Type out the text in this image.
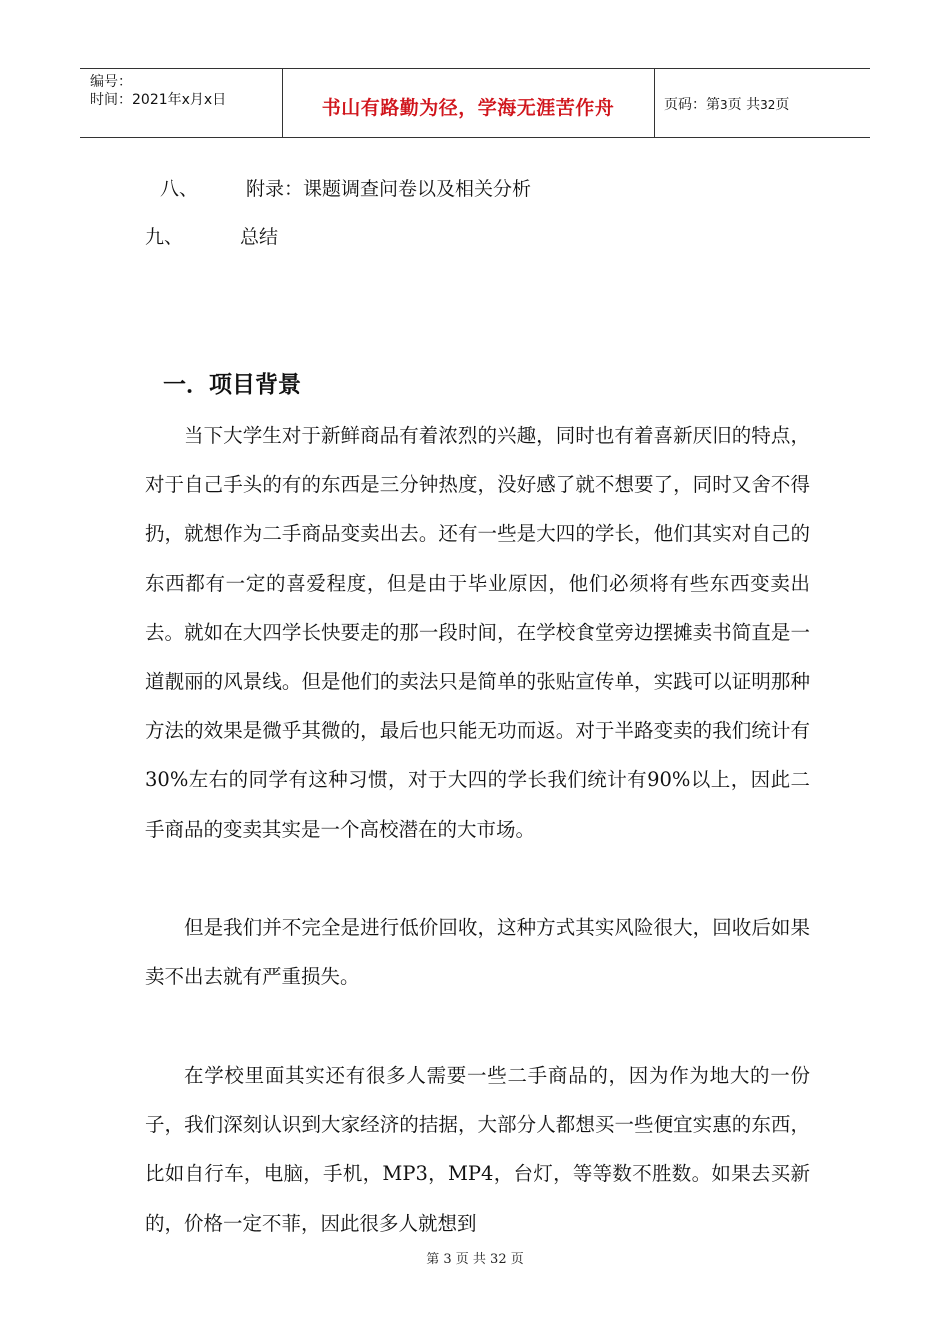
编号：
时间：2021年x月x日	书山有路勤为径，学海无涯苦作舟	页码：第3页 共32页
八、	附录：课题调查问卷以及相关分析
九、	总结
一．项目背景

当下大学生对于新鲜商品有着浓烈的兴趣，同时也有着喜新厌旧的特点，对于自己手头的有的东西是三分钟热度，没好感了就不想要了，同时又舍不得扔，就想作为二手商品变卖出去。还有一些是大四的学长，他们其实对自己的东西都有一定的喜爱程度，但是由于毕业原因，他们必须将有些东西变卖出去。就如在大四学长快要走的那一段时间，在学校食堂旁边摆摊卖书简直是一道靓丽的风景线。但是他们的卖法只是简单的张贴宣传单，实践可以证明那种方法的效果是微乎其微的，最后也只能无功而返。对于半路变卖的我们统计有30%左右的同学有这种习惯，对于大四的学长我们统计有90%以上，因此二手商品的变卖其实是一个高校潜在的大市场。

但是我们并不完全是进行低价回收，这种方式其实风险很大，回收后如果卖不出去就有严重损失。

在学校里面其实还有很多人需要一些二手商品的，因为作为地大的一份子，我们深刻认识到大家经济的拮据，大部分人都想买一些便宜实惠的东西，比如自行车，电脑，手机，MP3，MP4，台灯，等等数不胜数。如果去买新的，价格一定不菲，因此很多人就想到

第 3 页 共 32 页
